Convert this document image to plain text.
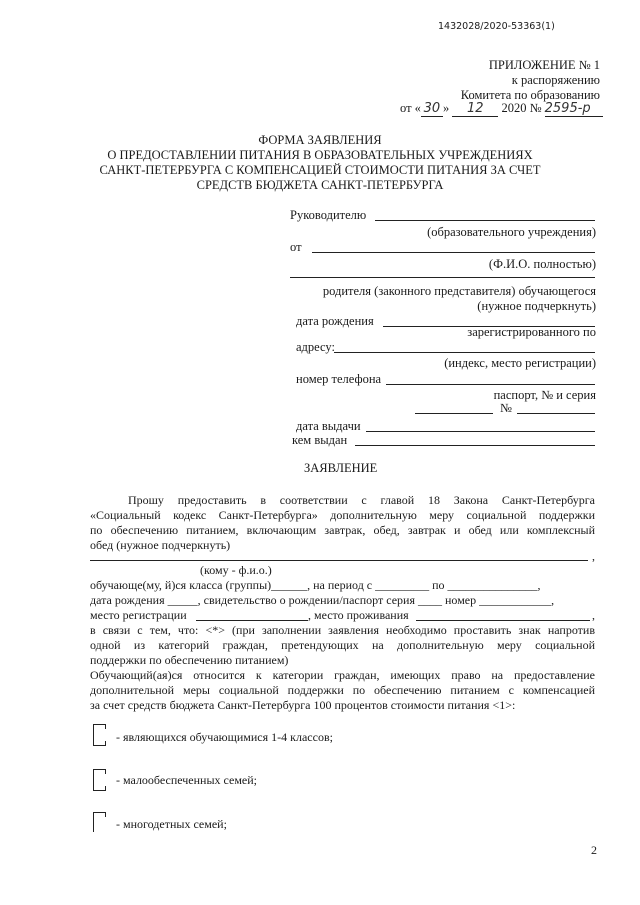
1432028/2020-53363(1)
ПРИЛОЖЕНИЕ № 1
к распоряжению
Комитета по образованию
от « 30 » 12 2020 № 2595-р
ФОРМА ЗАЯВЛЕНИЯ
О ПРЕДОСТАВЛЕНИИ ПИТАНИЯ В ОБРАЗОВАТЕЛЬНЫХ УЧРЕЖДЕНИЯХ
САНКТ-ПЕТЕРБУРГА С КОМПЕНСАЦИЕЙ СТОИМОСТИ ПИТАНИЯ ЗА СЧЕТ
СРЕДСТВ БЮДЖЕТА САНКТ-ПЕТЕРБУРГА
Руководителю
(образовательного учреждения)
от
(Ф.И.О. полностью)
родителя (законного представителя) обучающегося
(нужное подчеркнуть)
дата рождения
зарегистрированного по
адресу:
(индекс, место регистрации)
номер телефона
паспорт, № и серия
№
дата выдачи
кем выдан
ЗАЯВЛЕНИЕ
Прошу предоставить в соответствии с главой 18 Закона Санкт-Петербурга
«Социальный кодекс Санкт-Петербурга» дополнительную меру социальной поддержки
по обеспечению питанием, включающим завтрак, обед, завтрак и обед или комплексный
обед (нужное подчеркнуть)
,
(кому - ф.и.о.)
обучающе(му, й)ся класса (группы)______, на период с _________ по _______________,
дата рождения _____, свидетельство о рождении/паспорт серия ____ номер ____________,
место регистрации	, место проживания	,
в связи с тем, что: <*> (при заполнении заявления необходимо проставить знак напротив
одной из категорий граждан, претендующих на дополнительную меру социальной
поддержки по обеспечению питанием)
Обучающий(ая)ся относится к категории граждан, имеющих право на предоставление
дополнительной меры социальной поддержки по обеспечению питанием с компенсацией
за счет средств бюджета Санкт-Петербурга 100 процентов стоимости питания <1>:
- являющихся обучающимися 1-4 классов;
- малообеспеченных семей;
- многодетных семей;
2
